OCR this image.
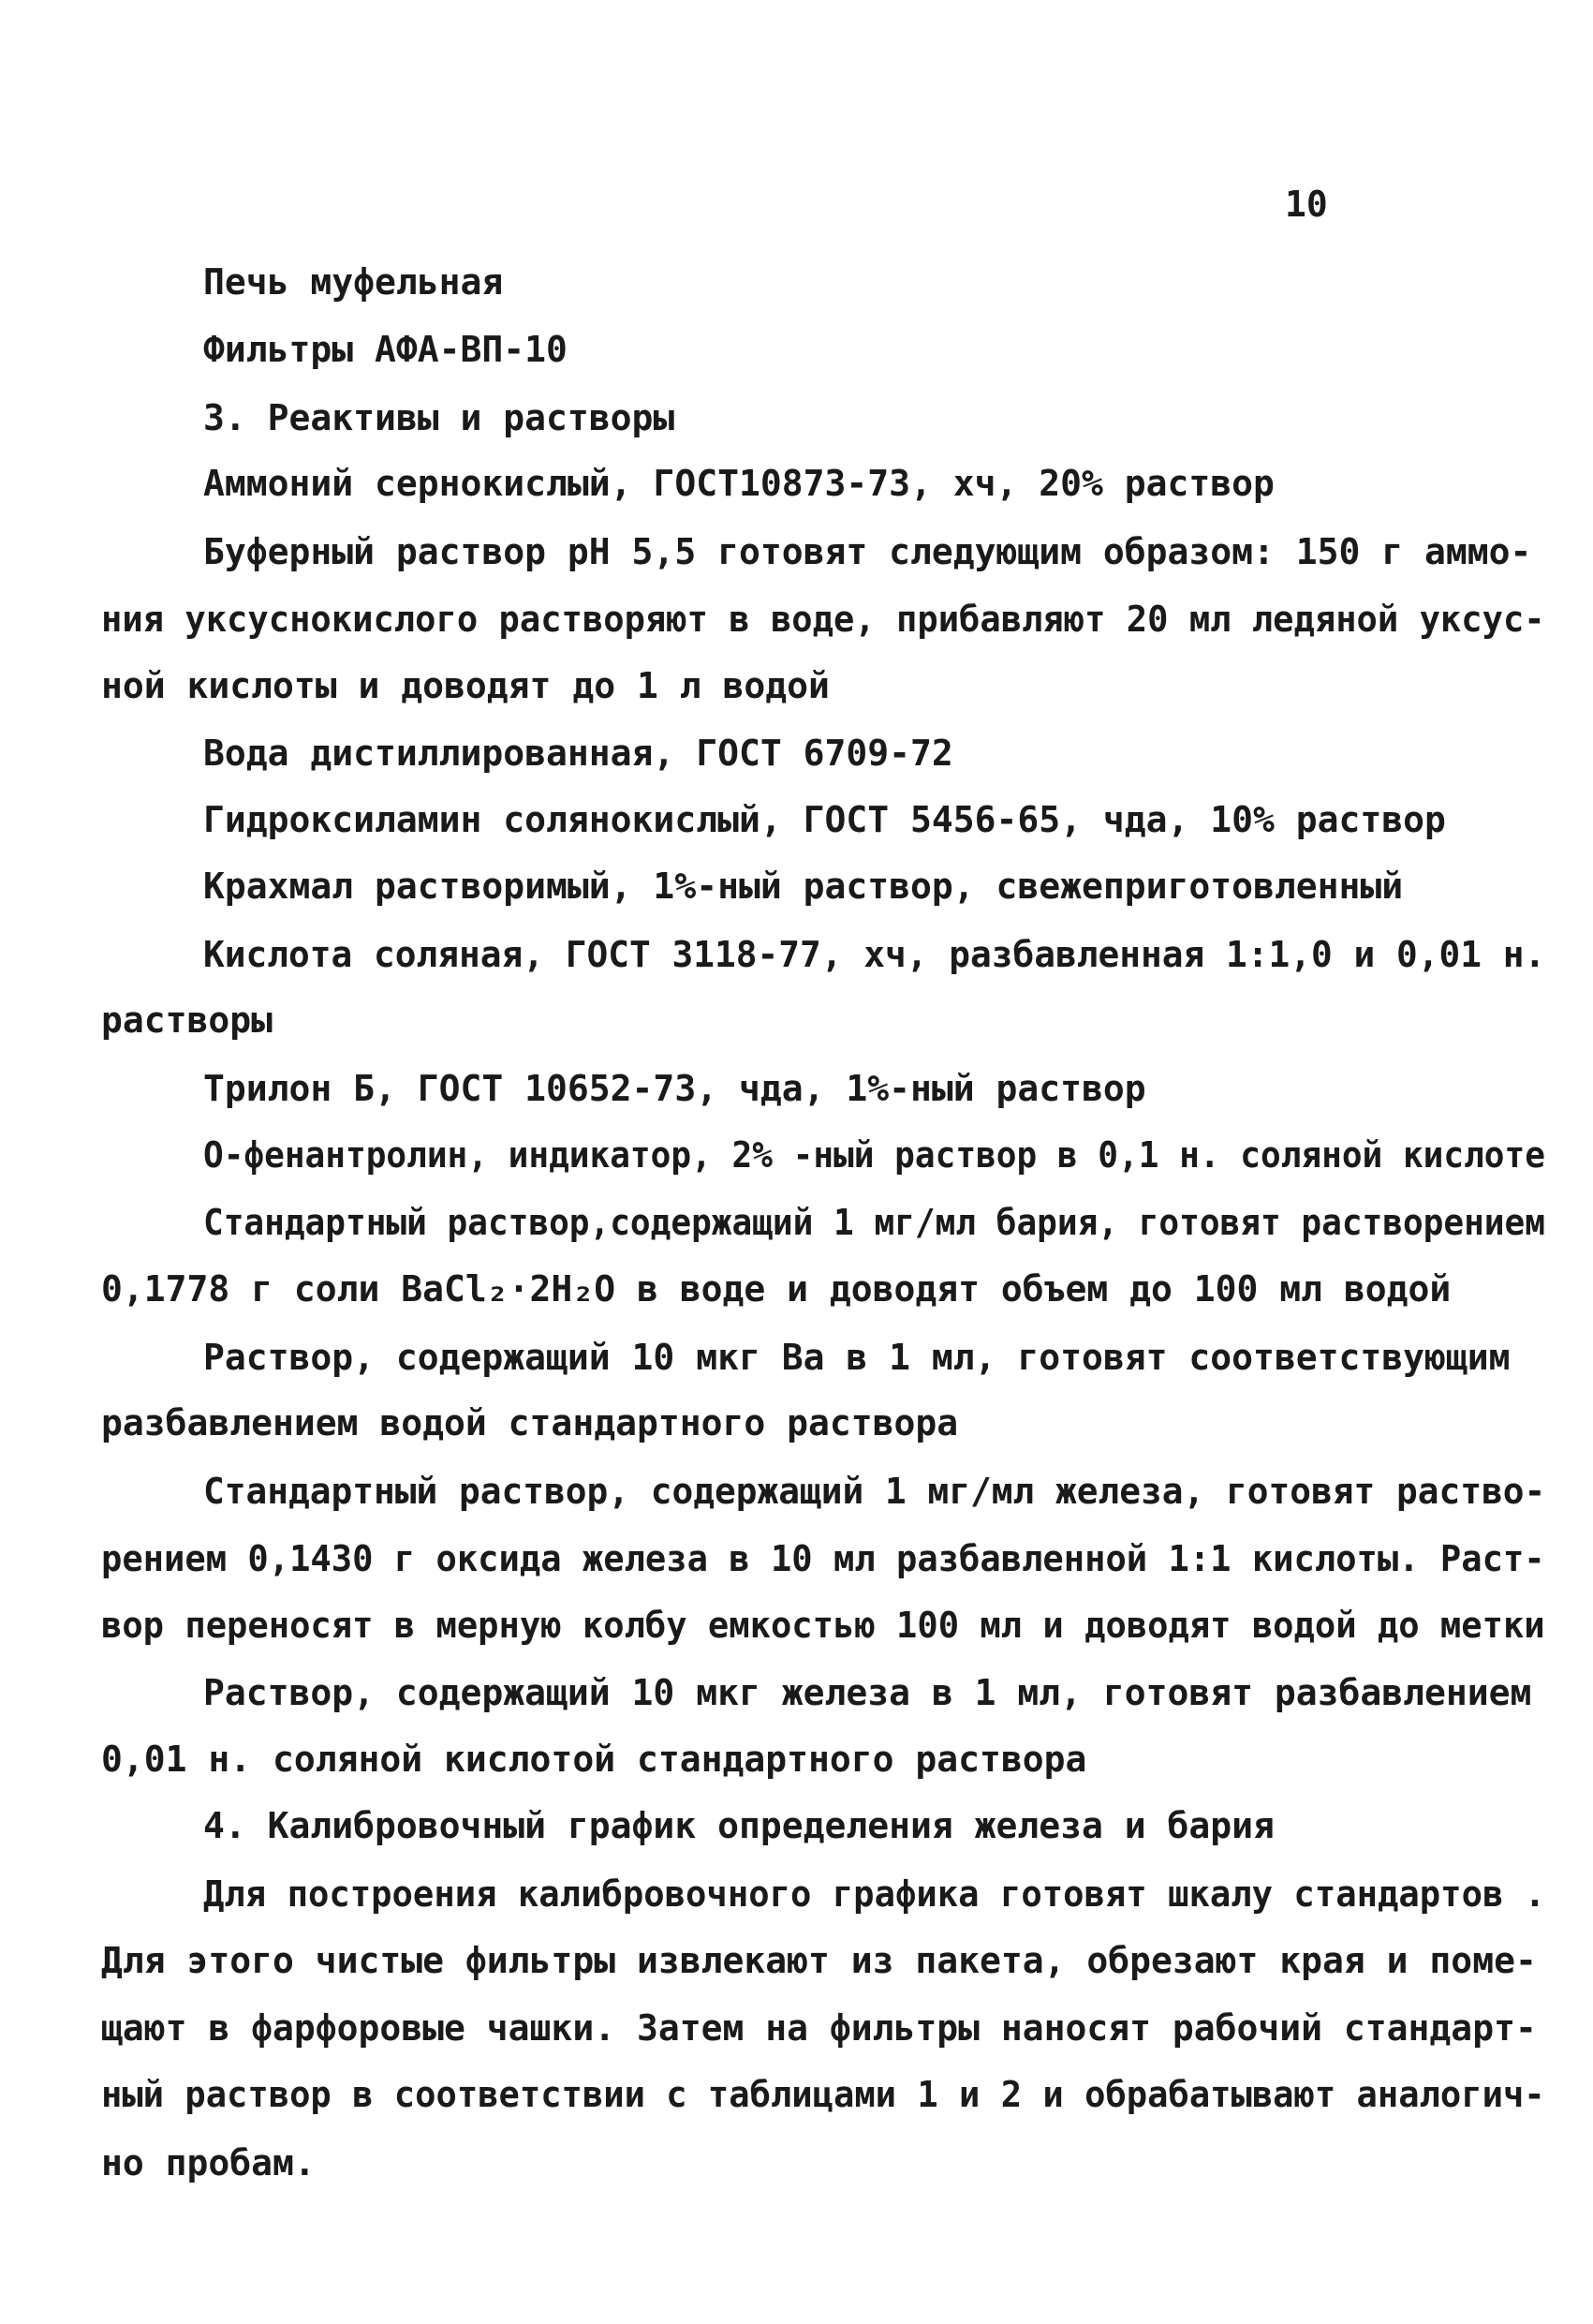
10
Печь муфельная
Фильтры АФА-ВП-10
3. Реактивы и растворы
Аммоний сернокислый, ГОСТ10873-73, хч, 20% раствор
Буферный раствор рН 5,5 готовят следующим образом: 150 г аммо-
ния уксуснокислого растворяют в воде, прибавляют 20 мл ледяной уксус-
ной кислоты и доводят до 1 л водой
Вода дистиллированная, ГОСТ 6709-72
Гидроксиламин солянокислый, ГОСТ 5456-65, чда, 10% раствор
Крахмал растворимый, 1%-ный раствор, свежеприготовленный
Кислота соляная, ГОСТ 3118-77, хч, разбавленная 1:1,0 и 0,01 н.
растворы
Трилон Б, ГОСТ 10652-73, чда, 1%-ный раствор
О-фенантролин, индикатор, 2% -ный раствор в 0,1 н. соляной кислоте
Стандартный раствор,содержащий 1 мг/мл бария, готовят растворением
0,1778 г соли BaCl₂·2H₂O в воде и доводят объем до 100 мл водой
Раствор, содержащий 10 мкг Ва в 1 мл, готовят соответствующим
разбавлением водой стандартного раствора
Стандартный раствор, содержащий 1 мг/мл железа, готовят раство-
рением 0,1430 г оксида железа в 10 мл разбавленной 1:1 кислоты. Раст-
вор переносят в мерную колбу емкостью 100 мл и доводят водой до метки
Раствор, содержащий 10 мкг железа в 1 мл, готовят разбавлением
0,01 н. соляной кислотой стандартного раствора
4. Калибровочный график определения железа и бария
Для построения калибровочного графика готовят шкалу стандартов .
Для этого чистые фильтры извлекают из пакета, обрезают края и поме-
щают в фарфоровые чашки. Затем на фильтры наносят рабочий стандарт-
ный раствор в соответствии с таблицами 1 и 2 и обрабатывают аналогич-
но пробам.
